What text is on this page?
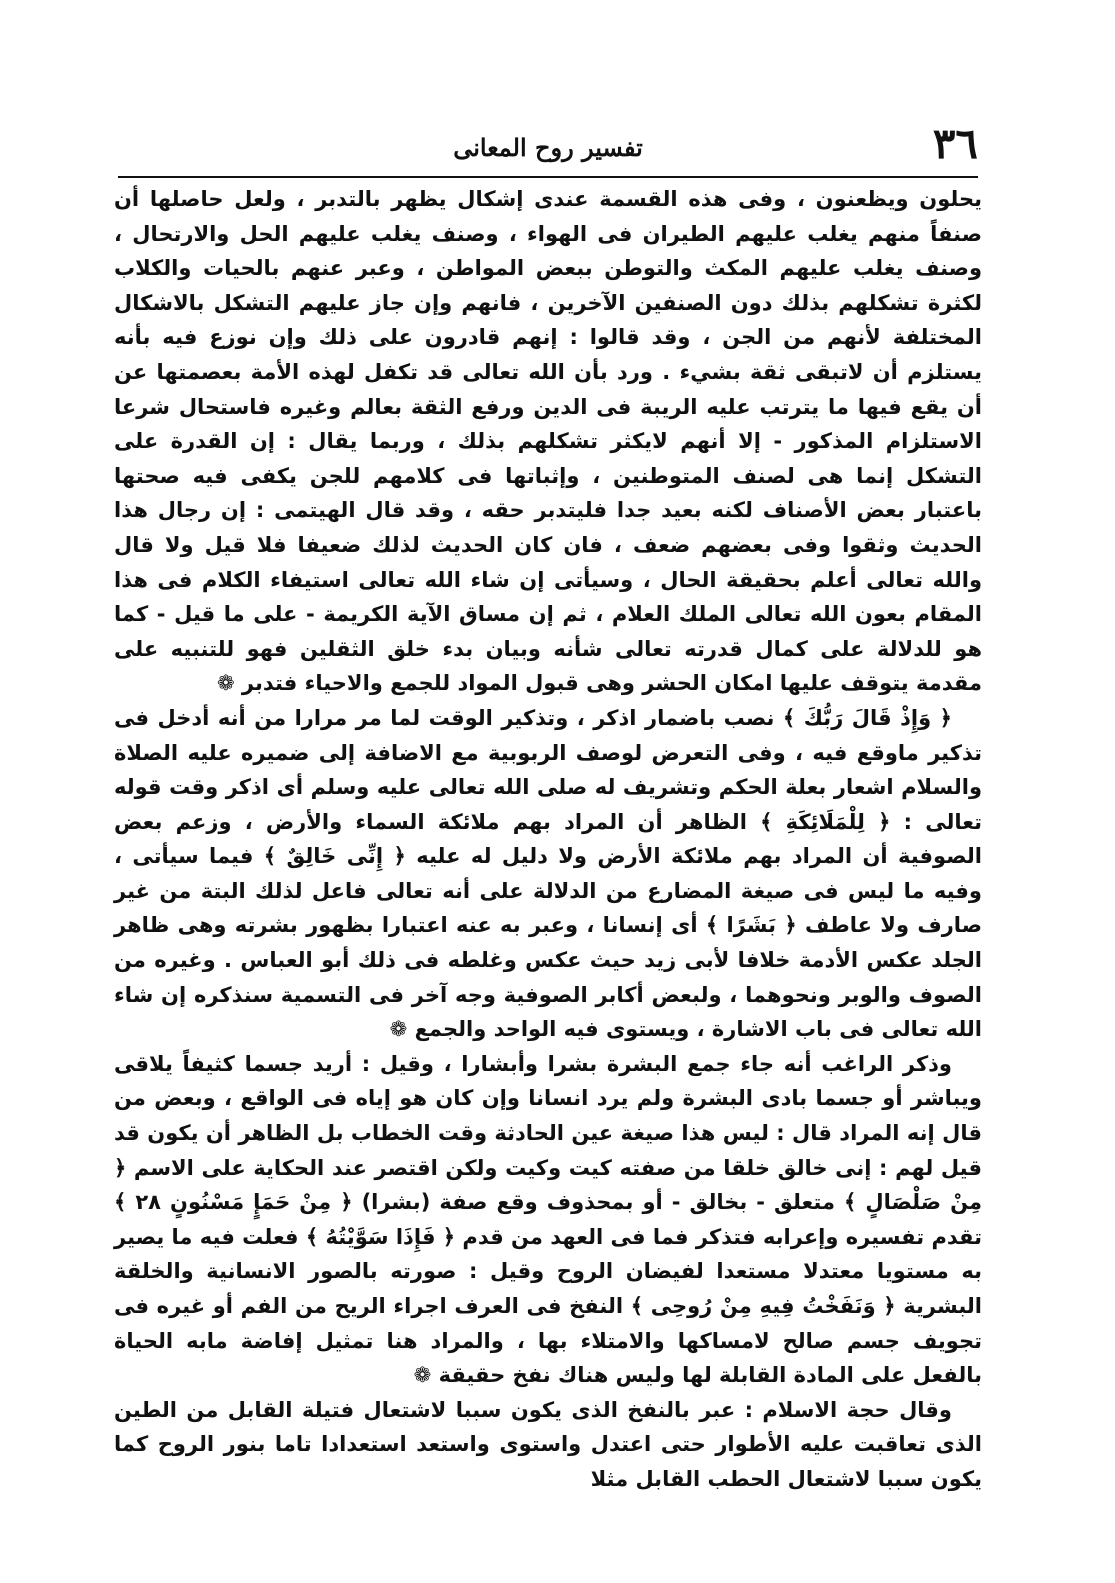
٣٦
تفسير روح المعانى

يحلون ويظعنون ، وفى هذه القسمة عندى إشكال يظهر بالتدبر ، ولعل حاصلها أن صنفاً منهم يغلب عليهم الطيران فى الهواء ، وصنف يغلب عليهم الحل والارتحال ، وصنف يغلب عليهم المكث والتوطن ببعض المواطن ، وعبر عنهم بالحيات والكلاب لكثرة تشكلهم بذلك دون الصنفين الآخرين ، فانهم وإن جاز عليهم التشكل بالاشكال المختلفة لأنهم من الجن ، وقد قالوا : إنهم قادرون على ذلك وإن نوزع فيه بأنه يستلزم أن لاتبقى ثقة بشيء . ورد بأن الله تعالى قد تكفل لهذه الأمة بعصمتها عن أن يقع فيها ما يترتب عليه الريبة فى الدين ورفع الثقة بعالم وغيره فاستحال شرعا الاستلزام المذكور - إلا أنهم لايكثر تشكلهم بذلك ، وربما يقال : إن القدرة على التشكل إنما هى لصنف المتوطنين ، وإثباتها فى كلامهم للجن يكفى فيه صحتها باعتبار بعض الأصناف لكنه بعيد جدا فليتدبر حقه ، وقد قال الهيتمى : إن رجال هذا الحديث وثقوا وفى بعضهم ضعف ، فان كان الحديث لذلك ضعيفا فلا قيل ولا قال والله تعالى أعلم بحقيقة الحال ، وسيأتى إن شاء الله تعالى استيفاء الكلام فى هذا المقام بعون الله تعالى الملك العلام ، ثم إن مساق الآية الكريمة - على ما قيل - كما هو للدلالة على كمال قدرته تعالى شأنه وبيان بدء خلق الثقلين فهو للتنبيه على مقدمة يتوقف عليها امكان الحشر وهى قبول المواد للجمع والاحياء فتدبر ❁

﴿ وَإِذْ قَالَ رَبُّكَ ﴾ نصب باضمار اذكر ، وتذكير الوقت لما مر مرارا من أنه أدخل فى تذكير ماوقع فيه ، وفى التعرض لوصف الربوبية مع الاضافة إلى ضميره عليه الصلاة والسلام اشعار بعلة الحكم وتشريف له صلى الله تعالى عليه وسلم أى اذكر وقت قوله تعالى : ﴿ لِلْمَلَائِكَةِ ﴾ الظاهر أن المراد بهم ملائكة السماء والأرض ، وزعم بعض الصوفية أن المراد بهم ملائكة الأرض ولا دليل له عليه ﴿ إِنِّى خَالِقٌ ﴾ فيما سيأتى ، وفيه ما ليس فى صيغة المضارع من الدلالة على أنه تعالى فاعل لذلك البتة من غير صارف ولا عاطف ﴿ بَشَرًا ﴾ أى إنسانا ، وعبر به عنه اعتبارا بظهور بشرته وهى ظاهر الجلد عكس الأدمة خلافا لأبى زيد حيث عكس وغلطه فى ذلك أبو العباس . وغيره من الصوف والوبر ونحوهما ، ولبعض أكابر الصوفية وجه آخر فى التسمية سنذكره إن شاء الله تعالى فى باب الاشارة ، ويستوى فيه الواحد والجمع ❁

وذكر الراغب أنه جاء جمع البشرة بشرا وأبشارا ، وقيل : أريد جسما كثيفاً يلاقى ويباشر أو جسما بادى البشرة ولم يرد انسانا وإن كان هو إياه فى الواقع ، وبعض من قال إنه المراد قال : ليس هذا صيغة عين الحادثة وقت الخطاب بل الظاهر أن يكون قد قيل لهم : إنى خالق خلقا من صفته كيت وكيت ولكن اقتصر عند الحكاية على الاسم ﴿ مِنْ صَلْصَالٍ ﴾ متعلق - بخالق - أو بمحذوف وقع صفة (بشرا) ﴿ مِنْ حَمَإٍ مَسْنُونٍ ٢٨ ﴾ تقدم تفسيره وإعرابه فتذكر فما فى العهد من قدم ﴿ فَإِذَا سَوَّيْتُهُ ﴾ فعلت فيه ما يصير به مستويا معتدلا مستعدا لفيضان الروح وقيل : صورته بالصور الانسانية والخلقة البشرية ﴿ وَنَفَخْتُ فِيهِ مِنْ رُوحِى ﴾ النفخ فى العرف اجراء الريح من الفم أو غيره فى تجويف جسم صالح لامساكها والامتلاء بها ، والمراد هنا تمثيل إفاضة مابه الحياة بالفعل على المادة القابلة لها وليس هناك نفخ حقيقة ❁

وقال حجة الاسلام : عبر بالنفخ الذى يكون سببا لاشتعال فتيلة القابل من الطين الذى تعاقبت عليه الأطوار حتى اعتدل واستوى واستعد استعدادا تاما بنور الروح كما يكون سببا لاشتعال الحطب القابل مثلا
